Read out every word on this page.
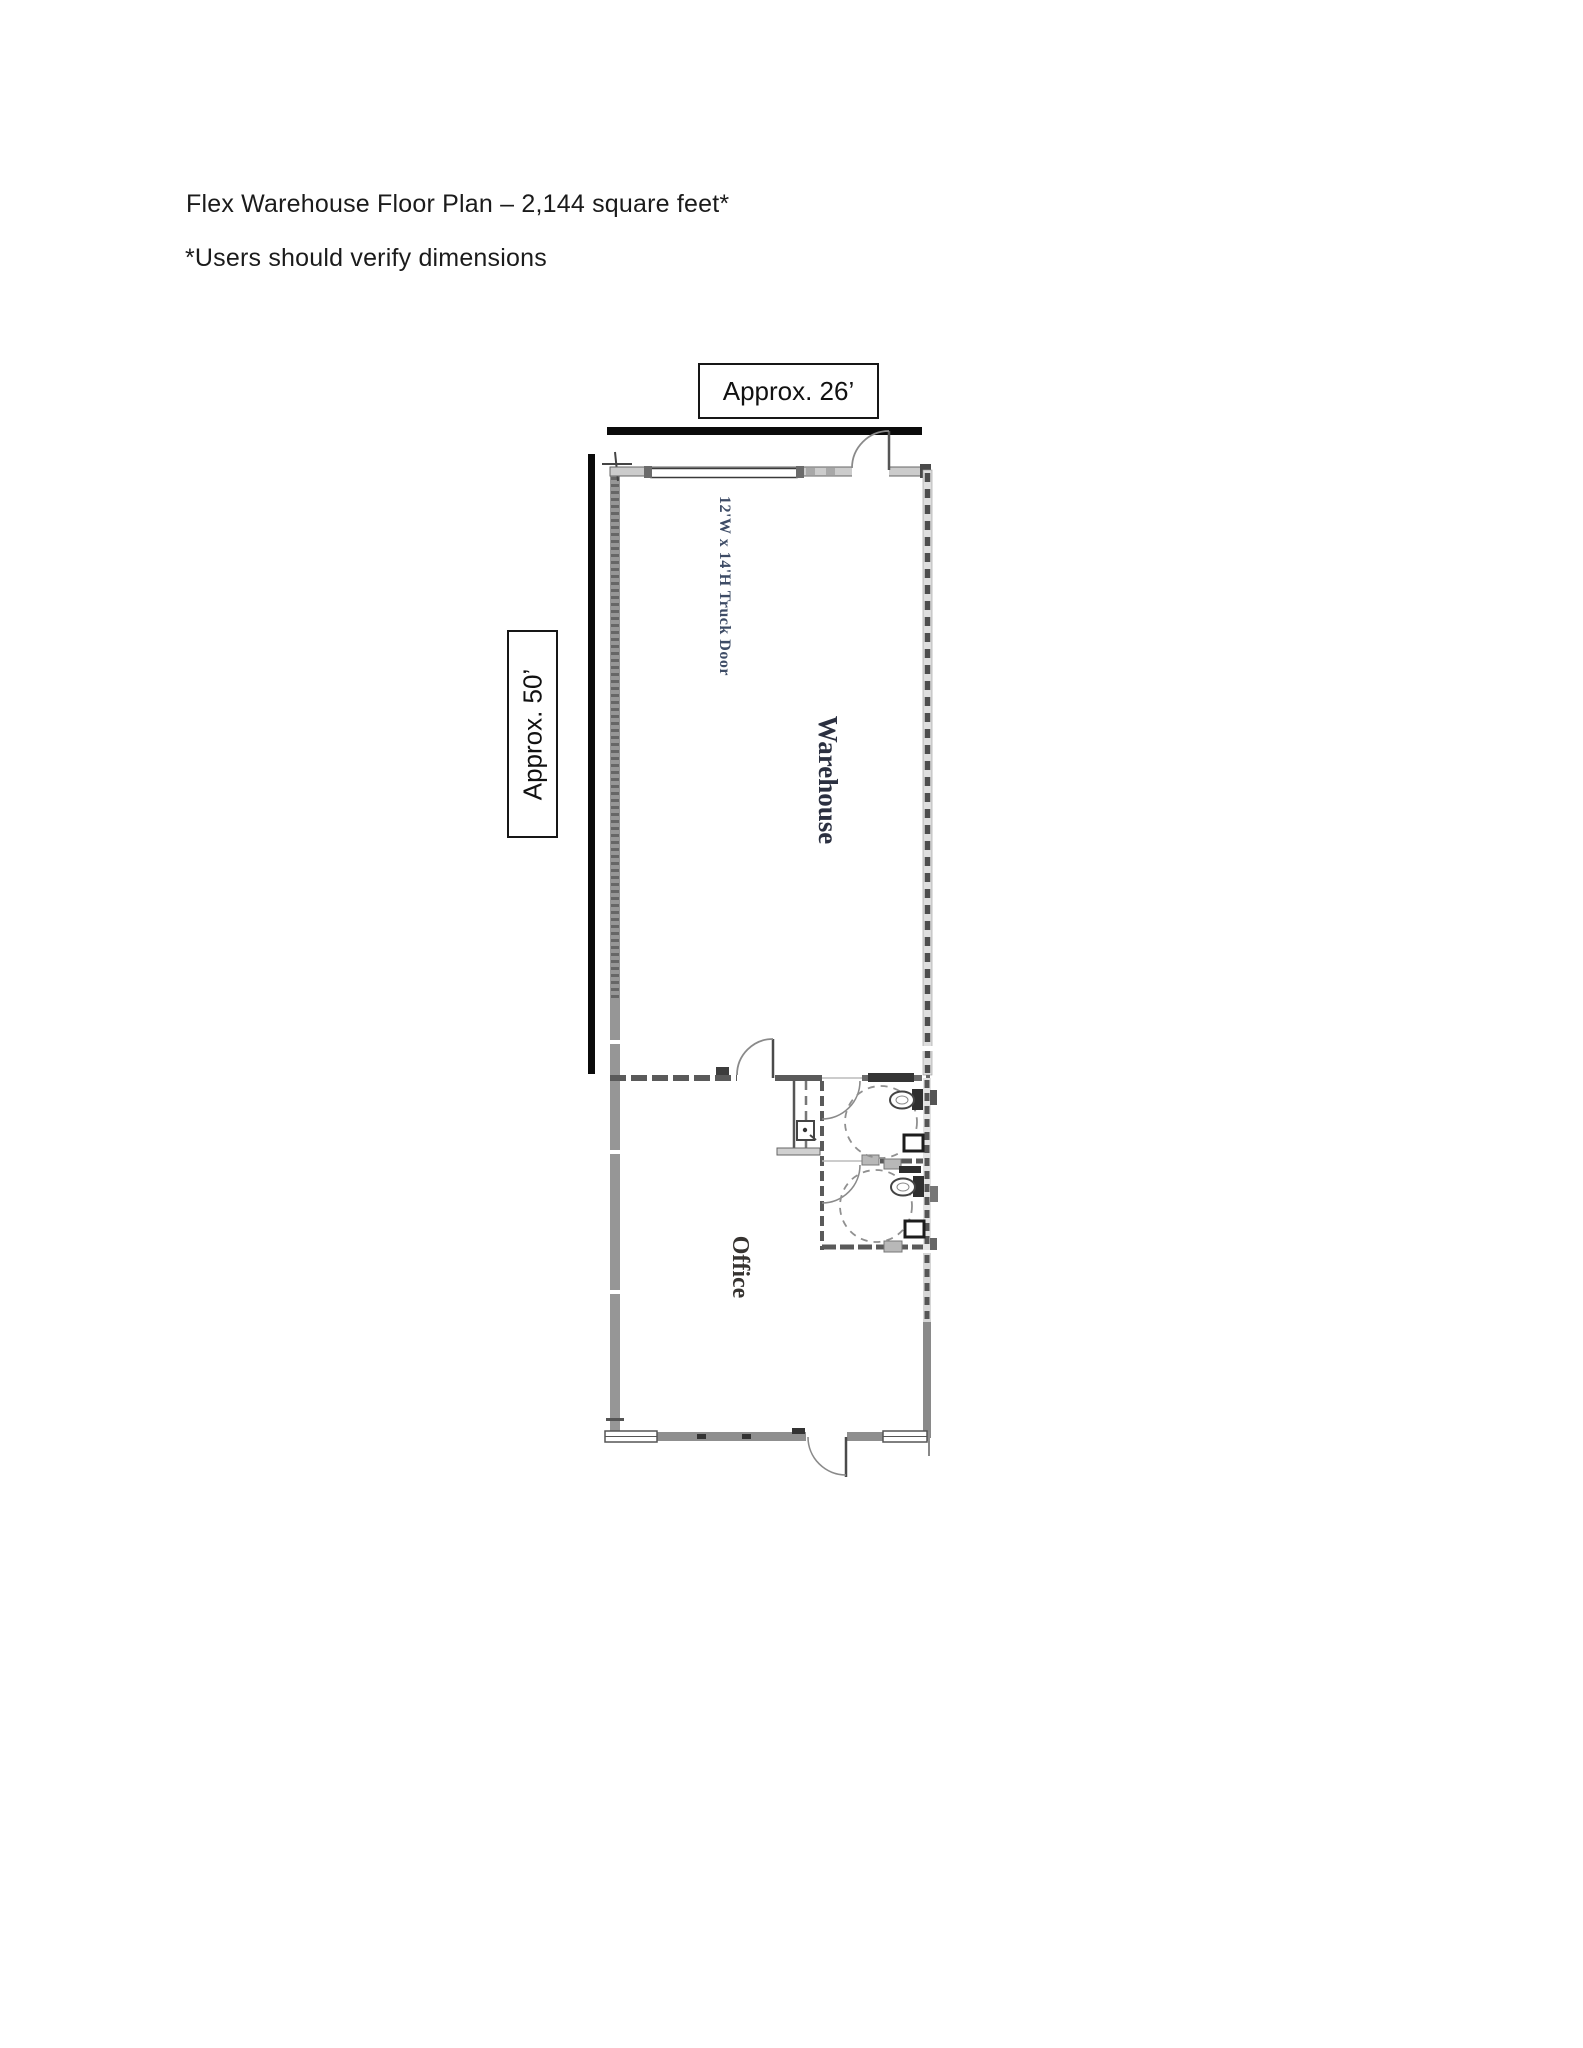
Flex Warehouse Floor Plan – 2,144 square feet*
*Users should verify dimensions
Approx. 26’
Approx. 50’
12'W x 14'H Truck Door
Warehouse
Office
